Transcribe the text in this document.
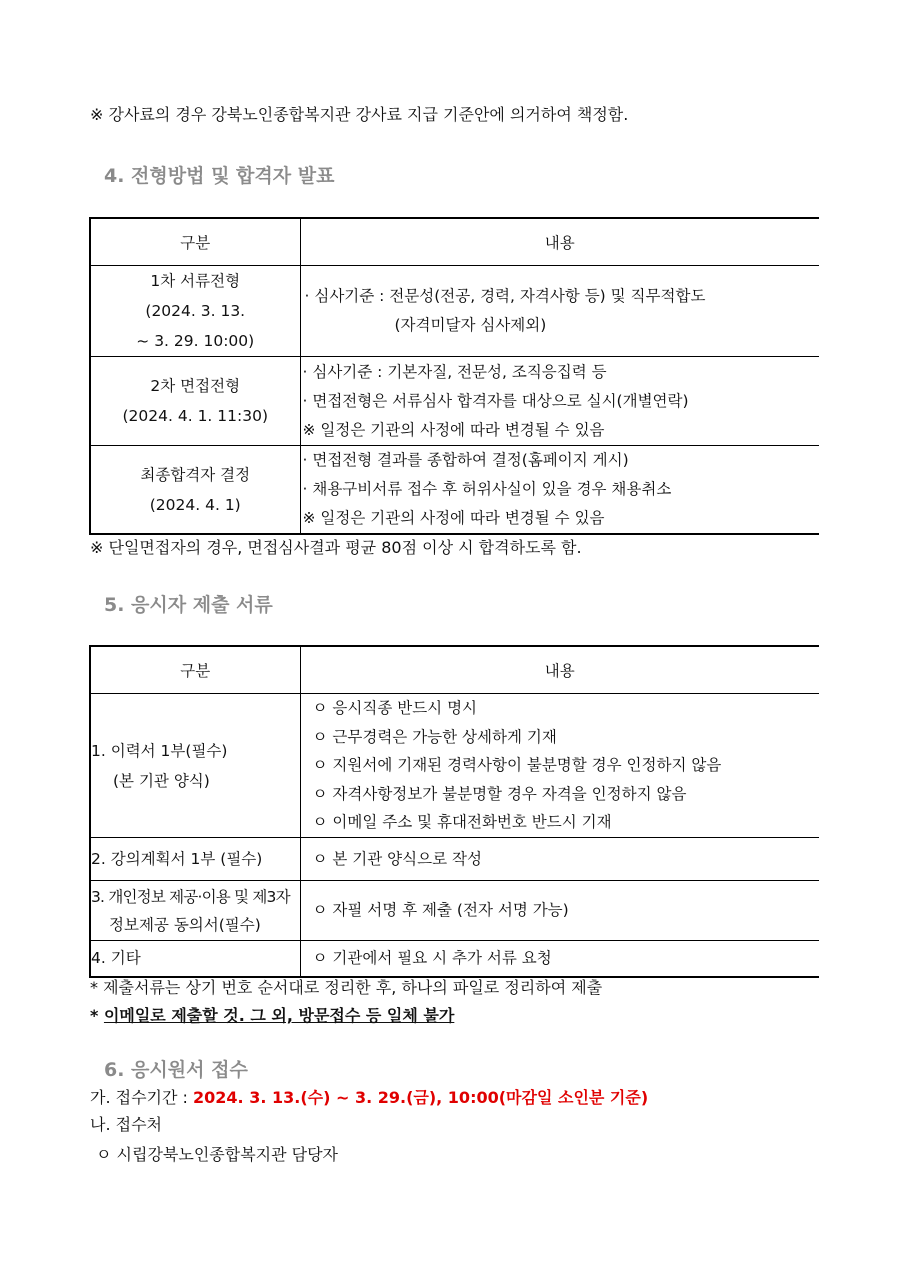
※ 강사료의 경우 강북노인종합복지관 강사료 지급 기준안에 의거하여 책정함.
4. 전형방법 및 합격자 발표
구분	내용

1차 서류전형
(2024. 3. 13.
~ 3. 29. 10:00)	· 심사기준 : 전문성(전공, 경력, 자격사항 등) 및 직무적합도
(자격미달자 심사제외)

2차 면접전형
(2024. 4. 1. 11:30)	· 심사기준 : 기본자질, 전문성, 조직응집력 등
· 면접전형은 서류심사 합격자를 대상으로 실시(개별연락)
※ 일정은 기관의 사정에 따라 변경될 수 있음

최종합격자 결정
(2024. 4. 1)	· 면접전형 결과를 종합하여 결정(홈페이지 게시)
· 채용구비서류 접수 후 허위사실이 있을 경우 채용취소
※ 일정은 기관의 사정에 따라 변경될 수 있음
※ 단일면접자의 경우, 면접심사결과 평균 80점 이상 시 합격하도록 함.
5. 응시자 제출 서류
구분	내용

1. 이력서 1부(필수)
(본 기관 양식)	ㅇ 응시직종 반드시 명시
ㅇ 근무경력은 가능한 상세하게 기재
ㅇ 지원서에 기재된 경력사항이 불분명할 경우 인정하지 않음
ㅇ 자격사항정보가 불분명할 경우 자격을 인정하지 않음
ㅇ 이메일 주소 및 휴대전화번호 반드시 기재

2. 강의계획서 1부 (필수)	ㅇ 본 기관 양식으로 작성

3. 개인정보 제공·이용 및 제3자
정보제공 동의서(필수)	ㅇ 자필 서명 후 제출 (전자 서명 가능)
4. 기타	ㅇ 기관에서 필요 시 추가 서류 요청
* 제출서류는 상기 번호 순서대로 정리한 후, 하나의 파일로 정리하여 제출
* 이메일로 제출할 것. 그 외, 방문접수 등 일체 불가
6. 응시원서 접수
가. 접수기간 : 2024. 3. 13.(수) ~ 3. 29.(금), 10:00(마감일 소인분 기준)
나. 접수처
ㅇ 시립강북노인종합복지관 담당자
